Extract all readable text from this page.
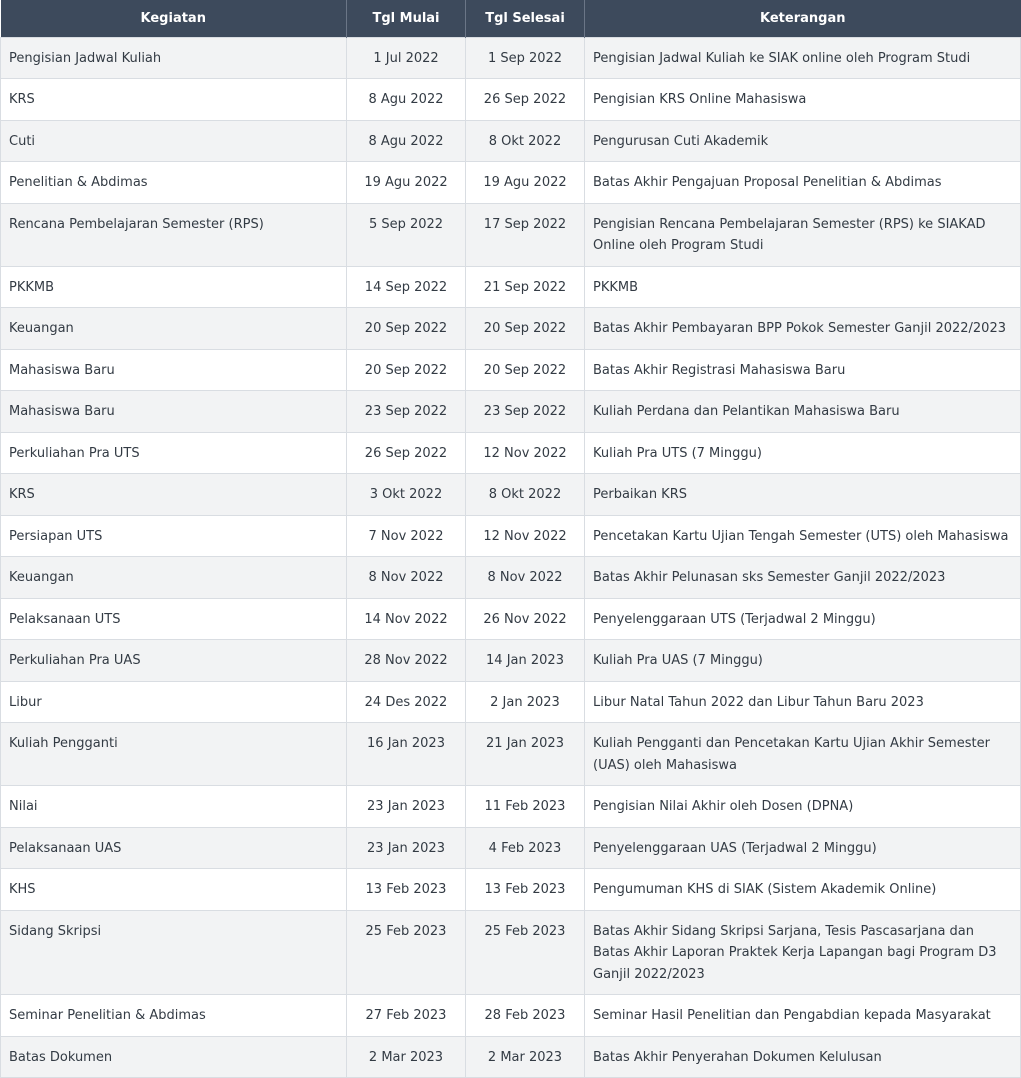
Kegiatan	Tgl Mulai	Tgl Selesai	Keterangan
Pengisian Jadwal Kuliah	1 Jul 2022	1 Sep 2022	Pengisian Jadwal Kuliah ke SIAK online oleh Program Studi
KRS	8 Agu 2022	26 Sep 2022	Pengisian KRS Online Mahasiswa
Cuti	8 Agu 2022	8 Okt 2022	Pengurusan Cuti Akademik
Penelitian & Abdimas	19 Agu 2022	19 Agu 2022	Batas Akhir Pengajuan Proposal Penelitian & Abdimas
Rencana Pembelajaran Semester (RPS)	5 Sep 2022	17 Sep 2022	Pengisian Rencana Pembelajaran Semester (RPS) ke SIAKAD Online oleh Program Studi
PKKMB	14 Sep 2022	21 Sep 2022	PKKMB
Keuangan	20 Sep 2022	20 Sep 2022	Batas Akhir Pembayaran BPP Pokok Semester Ganjil 2022/2023
Mahasiswa Baru	20 Sep 2022	20 Sep 2022	Batas Akhir Registrasi Mahasiswa Baru
Mahasiswa Baru	23 Sep 2022	23 Sep 2022	Kuliah Perdana dan Pelantikan Mahasiswa Baru
Perkuliahan Pra UTS	26 Sep 2022	12 Nov 2022	Kuliah Pra UTS (7 Minggu)
KRS	3 Okt 2022	8 Okt 2022	Perbaikan KRS
Persiapan UTS	7 Nov 2022	12 Nov 2022	Pencetakan Kartu Ujian Tengah Semester (UTS) oleh Mahasiswa
Keuangan	8 Nov 2022	8 Nov 2022	Batas Akhir Pelunasan sks Semester Ganjil 2022/2023
Pelaksanaan UTS	14 Nov 2022	26 Nov 2022	Penyelenggaraan UTS (Terjadwal 2 Minggu)
Perkuliahan Pra UAS	28 Nov 2022	14 Jan 2023	Kuliah Pra UAS (7 Minggu)
Libur	24 Des 2022	2 Jan 2023	Libur Natal Tahun 2022 dan Libur Tahun Baru 2023
Kuliah Pengganti	16 Jan 2023	21 Jan 2023	Kuliah Pengganti dan Pencetakan Kartu Ujian Akhir Semester (UAS) oleh Mahasiswa
Nilai	23 Jan 2023	11 Feb 2023	Pengisian Nilai Akhir oleh Dosen (DPNA)
Pelaksanaan UAS	23 Jan 2023	4 Feb 2023	Penyelenggaraan UAS (Terjadwal 2 Minggu)
KHS	13 Feb 2023	13 Feb 2023	Pengumuman KHS di SIAK (Sistem Akademik Online)
Sidang Skripsi	25 Feb 2023	25 Feb 2023	Batas Akhir Sidang Skripsi Sarjana, Tesis Pascasarjana dan Batas Akhir Laporan Praktek Kerja Lapangan bagi Program D3 Ganjil 2022/2023
Seminar Penelitian & Abdimas	27 Feb 2023	28 Feb 2023	Seminar Hasil Penelitian dan Pengabdian kepada Masyarakat
Batas Dokumen	2 Mar 2023	2 Mar 2023	Batas Akhir Penyerahan Dokumen Kelulusan
